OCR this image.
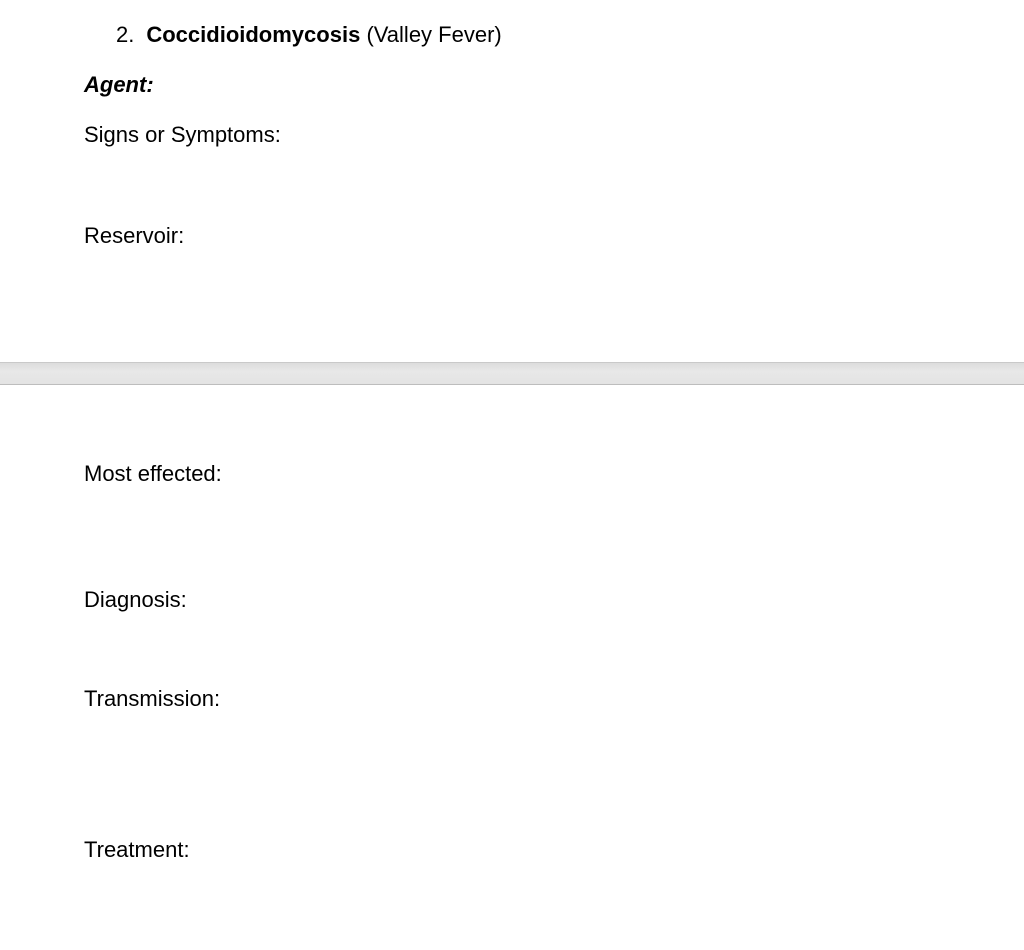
2. Coccidioidomycosis (Valley Fever)
Agent:
Signs or Symptoms:
Reservoir:
Most effected:
Diagnosis:
Transmission:
Treatment:
